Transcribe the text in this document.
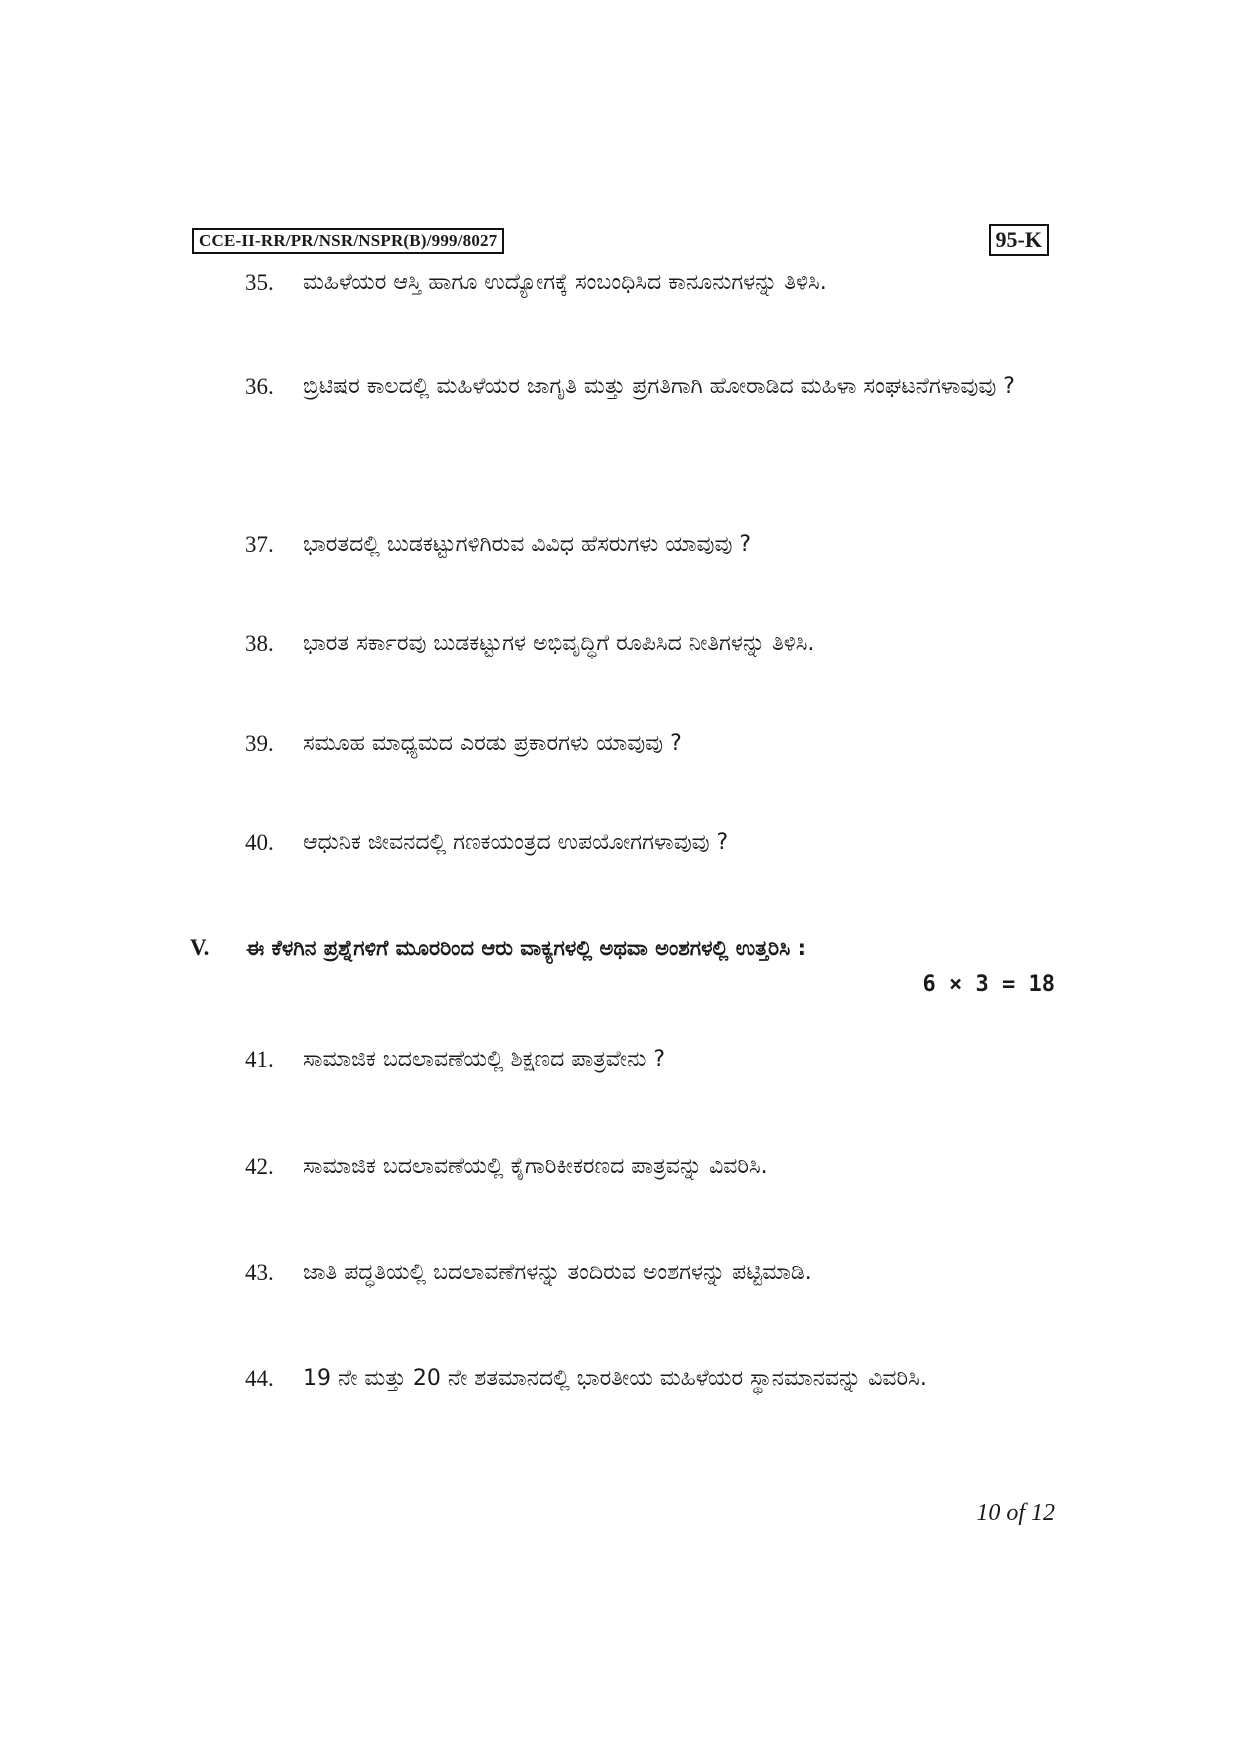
CCE-II-RR/PR/NSR/NSPR(B)/999/8027	95-K
35. ಮಹಿಳೆಯರ ಆಸ್ತಿ ಹಾಗೂ ಉದ್ಯೋಗಕ್ಕೆ ಸಂಬಂಧಿಸಿದ ಕಾನೂನುಗಳನ್ನು ತಿಳಿಸಿ.
36. ಬ್ರಿಟಿಷರ ಕಾಲದಲ್ಲಿ ಮಹಿಳೆಯರ ಜಾಗೃತಿ ಮತ್ತು ಪ್ರಗತಿಗಾಗಿ ಹೋರಾಡಿದ ಮಹಿಳಾ ಸಂಘಟನೆಗಳಾವುವು ?
37. ಭಾರತದಲ್ಲಿ ಬುಡಕಟ್ಟುಗಳಿಗಿರುವ ವಿವಿಧ ಹೆಸರುಗಳು ಯಾವುವು ?
38. ಭಾರತ ಸರ್ಕಾರವು ಬುಡಕಟ್ಟುಗಳ ಅಭಿವೃದ್ಧಿಗೆ ರೂಪಿಸಿದ ನೀತಿಗಳನ್ನು ತಿಳಿಸಿ.
39. ಸಮೂಹ ಮಾಧ್ಯಮದ ಎರಡು ಪ್ರಕಾರಗಳು ಯಾವುವು ?
40. ಆಧುನಿಕ ಜೀವನದಲ್ಲಿ ಗಣಕಯಂತ್ರದ ಉಪಯೋಗಗಳಾವುವು ?
V. ಈ ಕೆಳಗಿನ ಪ್ರಶ್ನೆಗಳಿಗೆ ಮೂರರಿಂದ ಆರು ವಾಕ್ಯಗಳಲ್ಲಿ ಅಥವಾ ಅಂಶಗಳಲ್ಲಿ ಉತ್ತರಿಸಿ :
6 × 3 = 18
41. ಸಾಮಾಜಿಕ ಬದಲಾವಣೆಯಲ್ಲಿ ಶಿಕ್ಷಣದ ಪಾತ್ರವೇನು ?
42. ಸಾಮಾಜಿಕ ಬದಲಾವಣೆಯಲ್ಲಿ ಕೈಗಾರಿಕೀಕರಣದ ಪಾತ್ರವನ್ನು ವಿವರಿಸಿ.
43. ಜಾತಿ ಪದ್ಧತಿಯಲ್ಲಿ ಬದಲಾವಣೆಗಳನ್ನು ತಂದಿರುವ ಅಂಶಗಳನ್ನು ಪಟ್ಟಿಮಾಡಿ.
44. 19 ನೇ ಮತ್ತು 20 ನೇ ಶತಮಾನದಲ್ಲಿ ಭಾರತೀಯ ಮಹಿಳೆಯರ ಸ್ಥಾನಮಾನವನ್ನು ವಿವರಿಸಿ.
10 of 12
